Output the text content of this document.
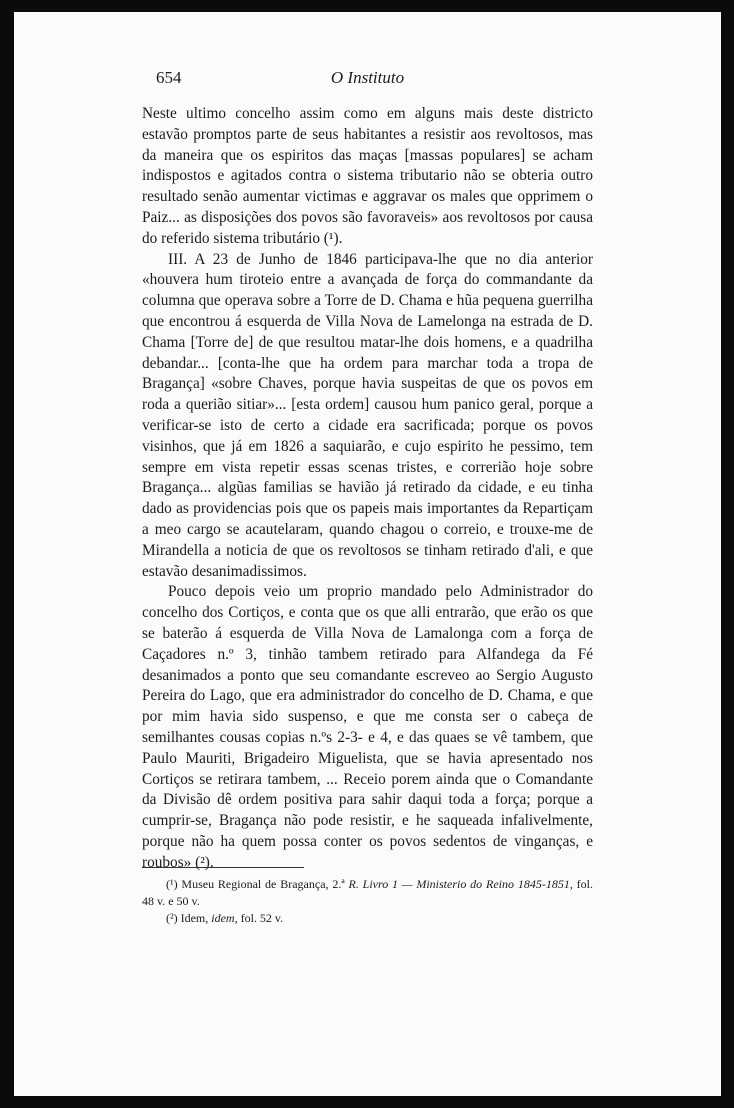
654	O Instituto

Neste ultimo concelho assim como em alguns mais deste districto estavão promptos parte de seus habitantes a resistir aos revoltosos, mas da maneira que os espiritos das maças [massas populares] se acham indispostos e agitados contra o sistema tributario não se obteria outro resultado senão aumentar victimas e aggravar os males que opprimem o Paiz... as disposições dos povos são favoraveis» aos revoltosos por causa do referido sistema tributário (¹).

III. A 23 de Junho de 1846 participava-lhe que no dia anterior «houvera hum tiroteio entre a avançada de força do commandante da columna que operava sobre a Torre de D. Chama e hũa pequena guerrilha que encontrou á esquerda de Villa Nova de Lamelonga na estrada de D. Chama [Torre de] de que resultou matar-lhe dois homens, e a quadrilha debandar... [conta-lhe que ha ordem para marchar toda a tropa de Bragança] «sobre Chaves, porque havia suspeitas de que os povos em roda a querião sitiar»... [esta ordem] causou hum panico geral, porque a verificar-se isto de certo a cidade era sacrificada; porque os povos visinhos, que já em 1826 a saquiarão, e cujo espirito he pessimo, tem sempre em vista repetir essas scenas tristes, e correrião hoje sobre Bragança... algũas familias se havião já retirado da cidade, e eu tinha dado as providencias pois que os papeis mais importantes da Repartiçam a meo cargo se acautelaram, quando chagou o correio, e trouxe-me de Mirandella a noticia de que os revoltosos se tinham retirado d'ali, e que estavão desanimadissimos.

Pouco depois veio um proprio mandado pelo Administrador do concelho dos Cortiços, e conta que os que alli entrarão, que erão os que se baterão á esquerda de Villa Nova de Lamalonga com a força de Caçadores n.º 3, tinhão tambem retirado para Alfandega da Fé desanimados a ponto que seu comandante escreveo ao Sergio Augusto Pereira do Lago, que era administrador do concelho de D. Chama, e que por mim havia sido suspenso, e que me consta ser o cabeça de semilhantes cousas copias n.ºs 2-3- e 4, e das quaes se vê tambem, que Paulo Mauriti, Brigadeiro Miguelista, que se havia apresentado nos Cortiços se retirara tambem, ... Receio porem ainda que o Comandante da Divisão dê ordem positiva para sahir daqui toda a força; porque a cumprir-se, Bragança não pode resistir, e he saqueada infalivelmente, porque não ha quem possa conter os povos sedentos de vinganças, e roubos» (²).

(¹) Museu Regional de Bragança, 2.ª R. Livro 1 — Ministerio do Reino 1845-1851, fol. 48 v. e 50 v.

(²) Idem, idem, fol. 52 v.
